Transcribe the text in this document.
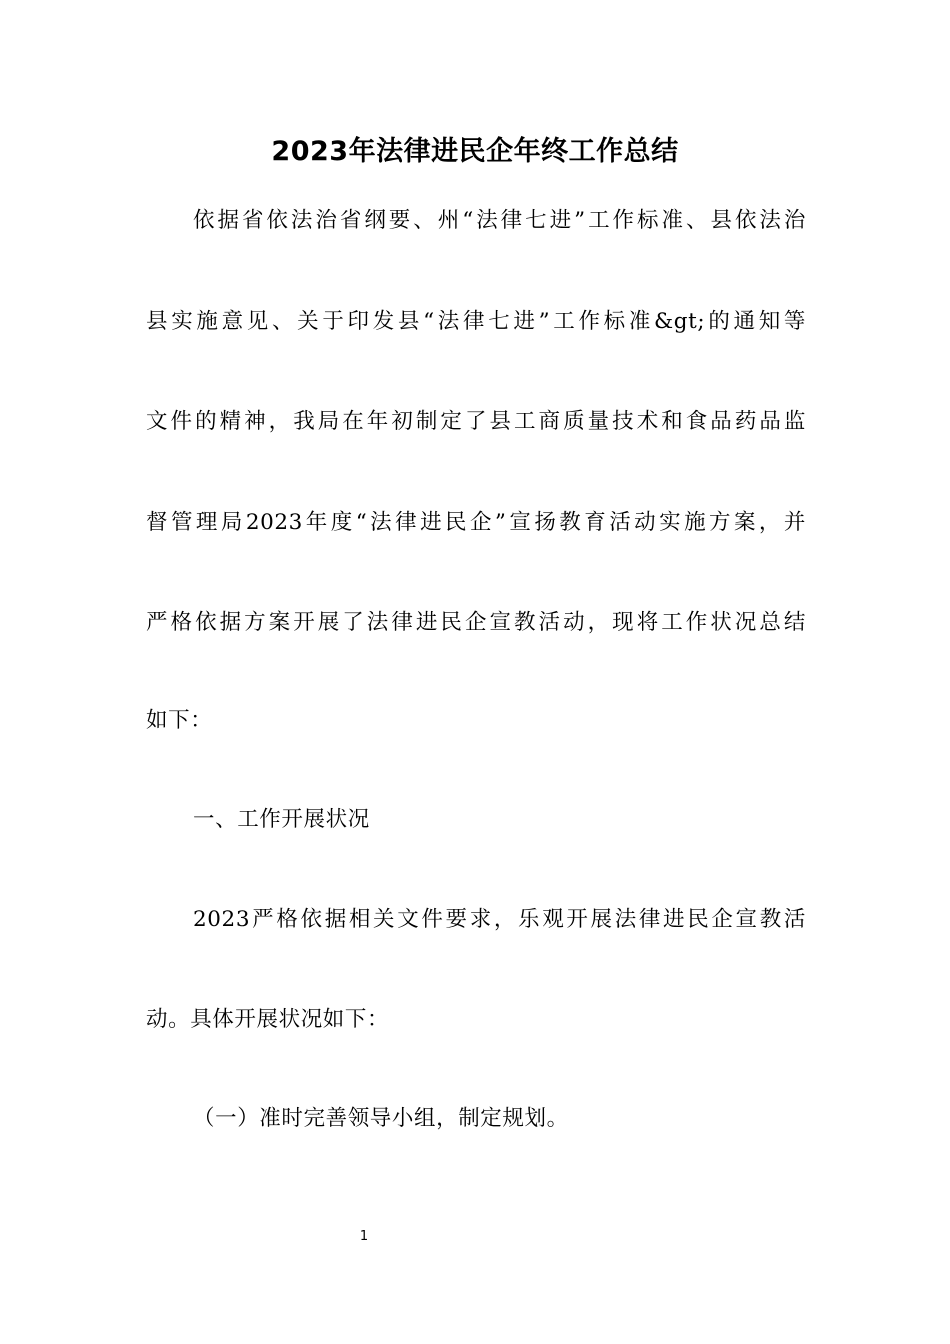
2023年法律进民企年终工作总结
依据省依法治省纲要、州“法律七进”工作标准、县依法治
县实施意见、关于印发县“法律七进”工作标准&gt;的通知等
文件的精神，我局在年初制定了县工商质量技术和食品药品监
督管理局2023年度“法律进民企”宣扬教育活动实施方案，并
严格依据方案开展了法律进民企宣教活动，现将工作状况总结
如下：
一、工作开展状况
2023严格依据相关文件要求，乐观开展法律进民企宣教活
动。具体开展状况如下：
（一）准时完善领导小组，制定规划。
1
